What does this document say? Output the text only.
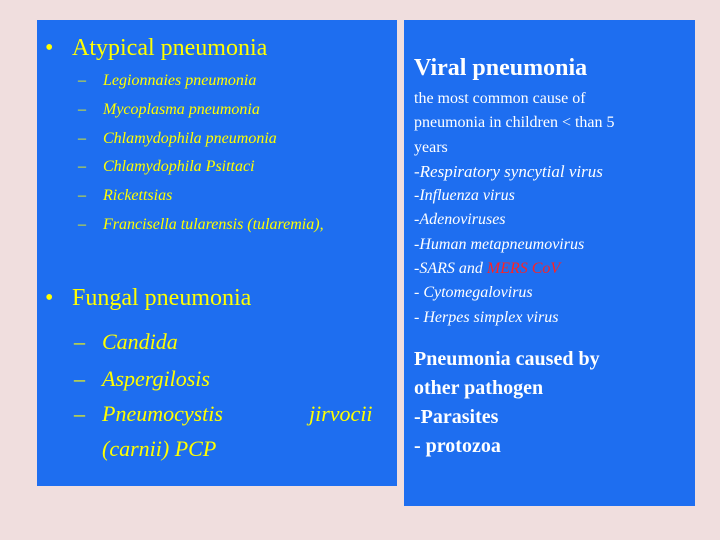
• Atypical pneumonia
– Legionnaies pneumonia
– Mycoplasma pneumonia
– Chlamydophila pneumonia
– Chlamydophila Psittaci
– Rickettsias
– Francisella tularensis (tularemia),
• Fungal pneumonia
– Candida
– Aspergilosis
– Pneumocystis	jirvocii
(carnii) PCP
Viral pneumonia
the most common cause of
pneumonia in children < than 5
years
-Respiratory syncytial virus
-Influenza virus
-Adenoviruses
-Human metapneumovirus
-SARS and MERS CoV
- Cytomegalovirus
- Herpes simplex virus
Pneumonia caused by
other pathogen
-Parasites
- protozoa
